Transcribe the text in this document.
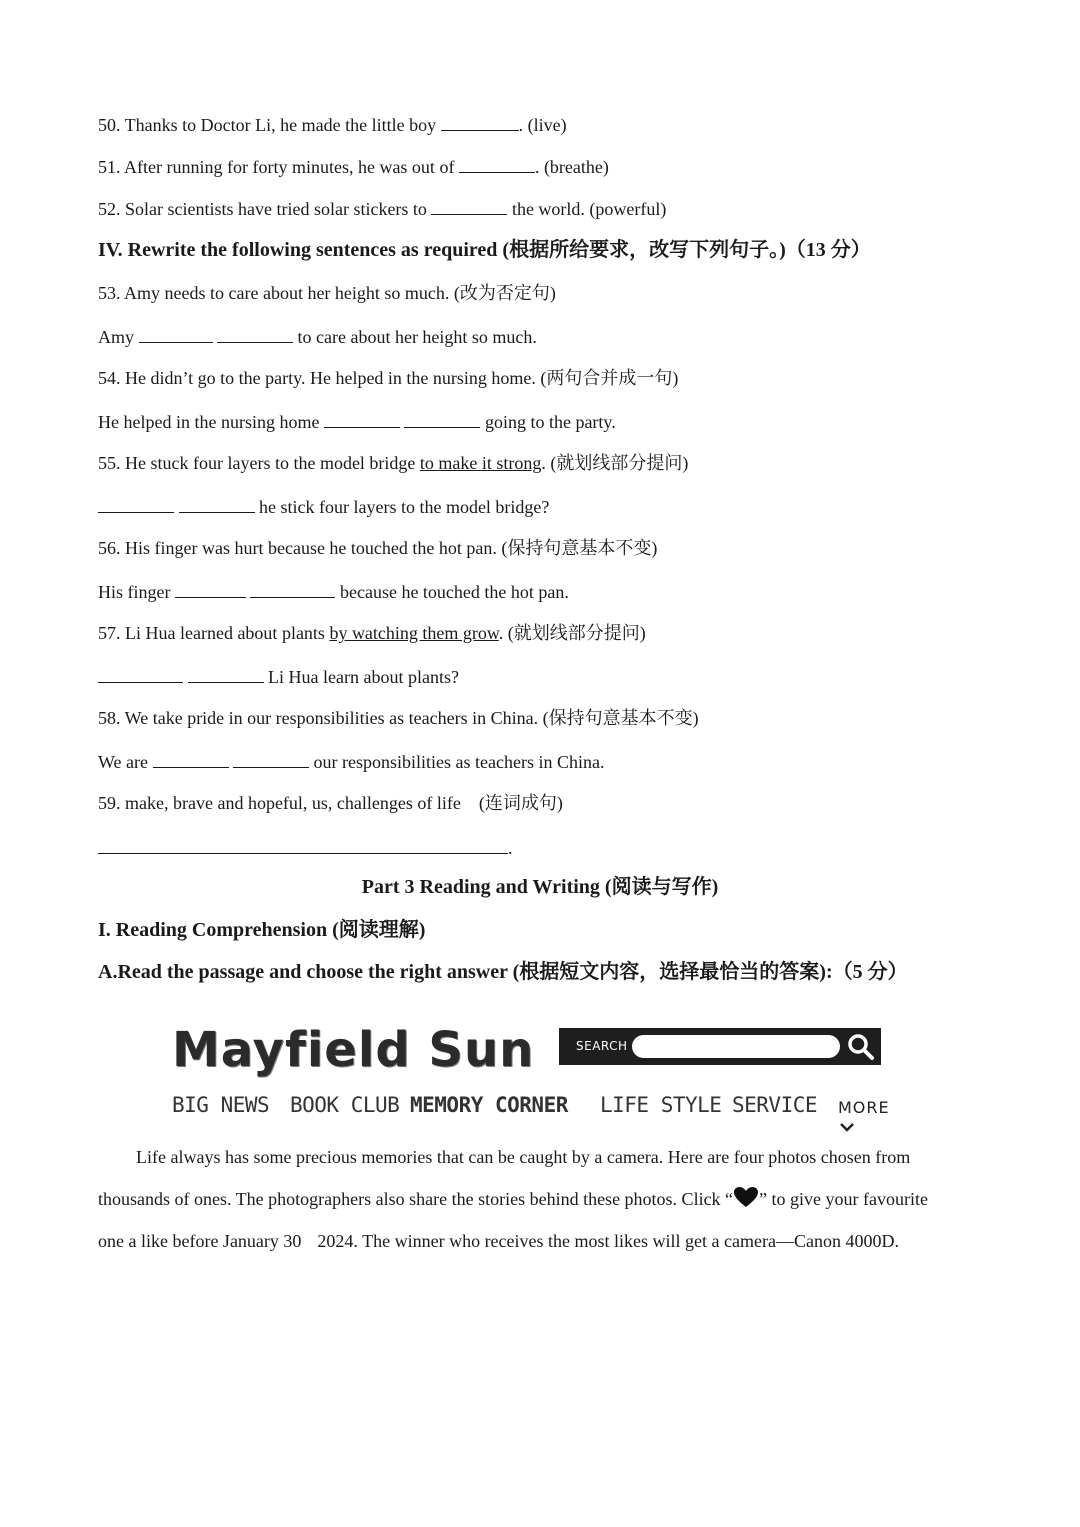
50. Thanks to Doctor Li, he made the little boy	. (live)
51. After running for forty minutes, he was out of	. (breathe)
52. Solar scientists have tried solar stickers to	the world. (powerful)
IV. Rewrite the following sentences as required (根据所给要求，改写下列句子。)（13 分）
53. Amy needs to care about her height so much. (改为否定句)
Amy	to care about her height so much.
54. He didn’t go to the party. He helped in the nursing home. (两句合并成一句)
He helped in the nursing home	going to the party.
55. He stuck four layers to the model bridge to make it strong. (就划线部分提问)
he stick four layers to the model bridge?
56. His finger was hurt because he touched the hot pan. (保持句意基本不变)
His finger	because he touched the hot pan.
57. Li Hua learned about plants by watching them grow. (就划线部分提问)
Li Hua learn about plants?
58. We take pride in our responsibilities as teachers in China. (保持句意基本不变)
We are	our responsibilities as teachers in China.
59. make, brave and hopeful, us, challenges of life    (连词成句)
.
Part 3 Reading and Writing (阅读与写作)
I. Reading Comprehension (阅读理解)
A.Read the passage and choose the right answer (根据短文内容，选择最恰当的答案):（5 分）
Mayfield Sun	SEARCH
BIG NEWS BOOK CLUB MEMORY CORNER LIFE STYLE SERVICE MORE
Life always has some precious memories that can be caught by a camera. Here are four photos chosen from
thousands of ones. The photographers also share the stories behind these photos. Click “ ” to give your favourite
one a like before January 30 2024. The winner who receives the most likes will get a camera—Canon 4000D.
